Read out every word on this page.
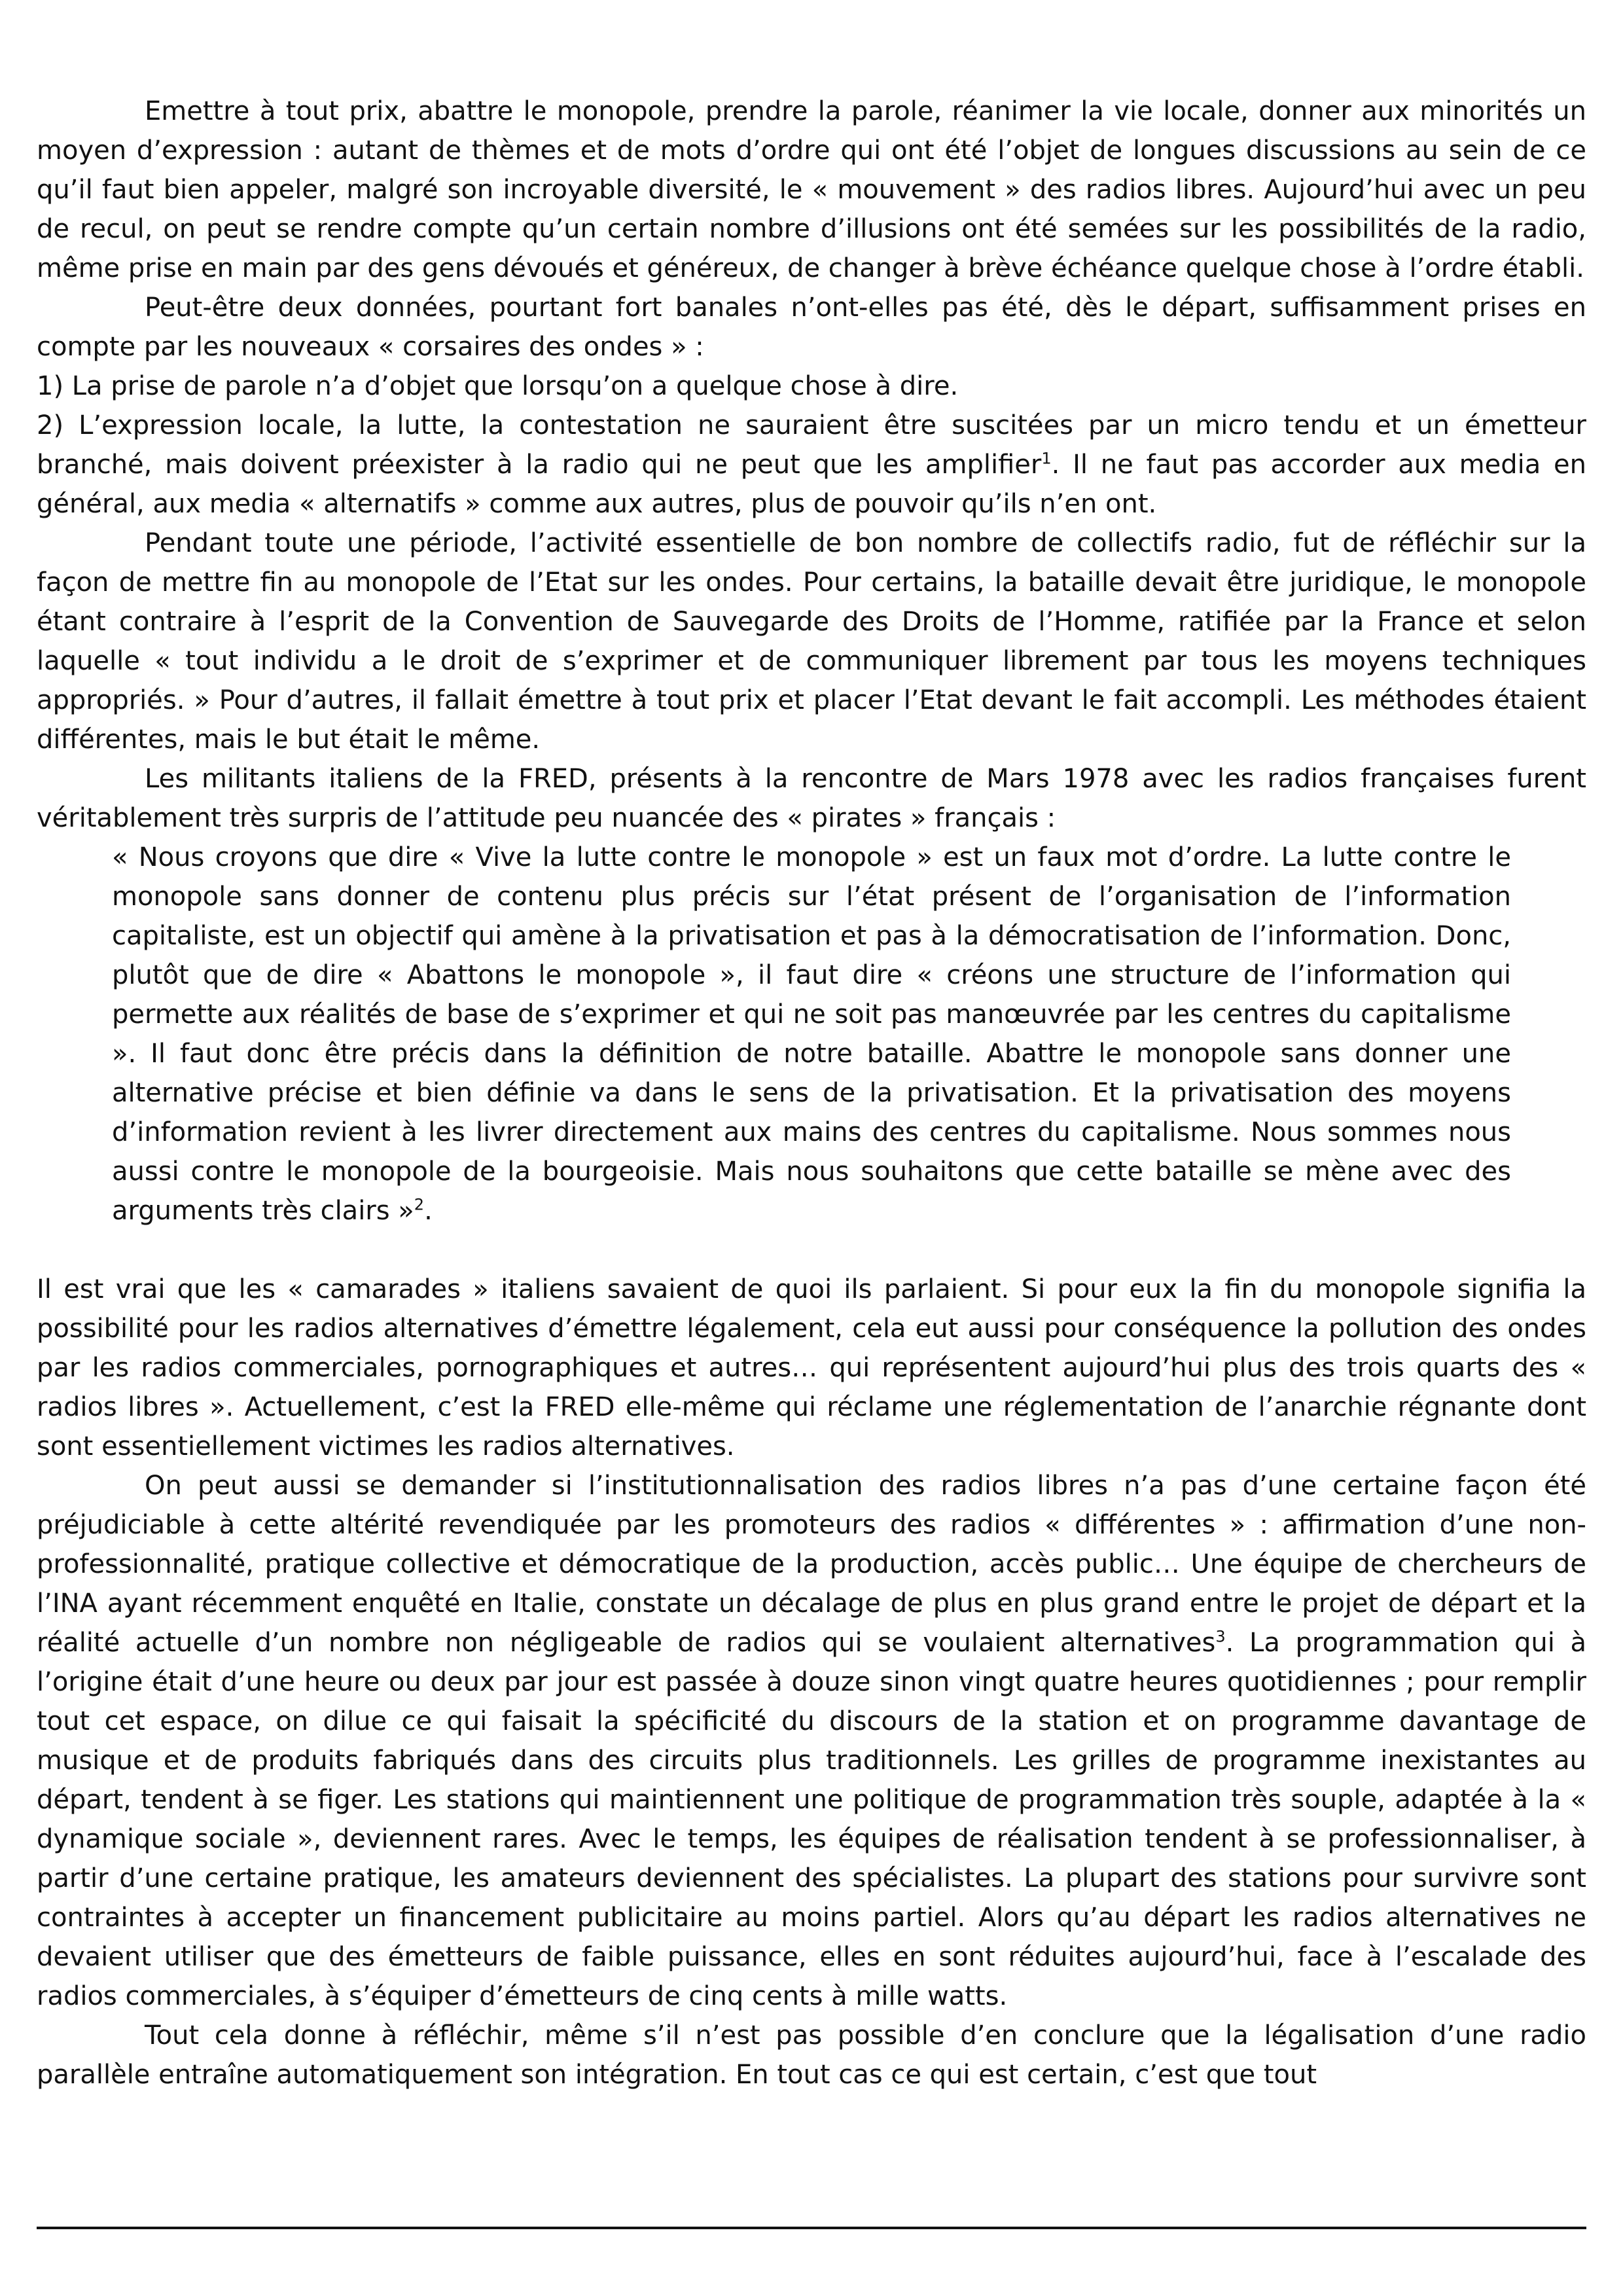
Emettre à tout prix, abattre le monopole, prendre la parole, réanimer la vie locale, donner aux minorités un moyen d’expression : autant de thèmes et de mots d’ordre qui ont été l’objet de longues discussions au sein de ce qu’il faut bien appeler, malgré son incroyable diversité, le « mouvement » des radios libres. Aujourd’hui avec un peu de recul, on peut se rendre compte qu’un certain nombre d’illusions ont été semées sur les possibilités de la radio, même prise en main par des gens dévoués et généreux, de changer à brève échéance quelque chose à l’ordre établi.

Peut-être deux données, pourtant fort banales n’ont-elles pas été, dès le départ, suffisamment prises en compte par les nouveaux « corsaires des ondes » :

1) La prise de parole n’a d’objet que lorsqu’on a quelque chose à dire.

2) L’expression locale, la lutte, la contestation ne sauraient être suscitées par un micro tendu et un émetteur branché, mais doivent préexister à la radio qui ne peut que les amplifier$^1$. Il ne faut pas accorder aux media en général, aux media « alternatifs » comme aux autres, plus de pouvoir qu’ils n’en ont.

Pendant toute une période, l’activité essentielle de bon nombre de collectifs radio, fut de réfléchir sur la façon de mettre fin au monopole de l’Etat sur les ondes. Pour certains, la bataille devait être juridique, le monopole étant contraire à l’esprit de la Convention de Sauvegarde des Droits de l’Homme, ratifiée par la France et selon laquelle « tout individu a le droit de s’exprimer et de communiquer librement par tous les moyens techniques appropriés. » Pour d’autres, il fallait émettre à tout prix et placer l’Etat devant le fait accompli. Les méthodes étaient différentes, mais le but était le même.

Les militants italiens de la FRED, présents à la rencontre de Mars 1978 avec les radios françaises furent véritablement très surpris de l’attitude peu nuancée des « pirates » français :

« Nous croyons que dire « Vive la lutte contre le monopole » est un faux mot d’ordre. La lutte contre le monopole sans donner de contenu plus précis sur l’état présent de l’organisation de l’information capitaliste, est un objectif qui amène à la privatisation et pas à la démocratisation de l’information. Donc, plutôt que de dire « Abattons le monopole », il faut dire « créons une structure de l’information qui permette aux réalités de base de s’exprimer et qui ne soit pas manœuvrée par les centres du capitalisme ». Il faut donc être précis dans la définition de notre bataille. Abattre le monopole sans donner une alternative précise et bien définie va dans le sens de la privatisation. Et la privatisation des moyens d’information revient à les livrer directement aux mains des centres du capitalisme. Nous sommes nous aussi contre le monopole de la bourgeoisie. Mais nous souhaitons que cette bataille se mène avec des arguments très clairs »$^2$.

Il est vrai que les « camarades » italiens savaient de quoi ils parlaient. Si pour eux la fin du monopole signifia la possibilité pour les radios alternatives d’émettre légalement, cela eut aussi pour conséquence la pollution des ondes par les radios commerciales, pornographiques et autres… qui représentent aujourd’hui plus des trois quarts des « radios libres ». Actuellement, c’est la FRED elle-même qui réclame une réglementation de l’anarchie régnante dont sont essentiellement victimes les radios alternatives.

On peut aussi se demander si l’institutionnalisation des radios libres n’a pas d’une certaine façon été préjudiciable à cette altérité revendiquée par les promoteurs des radios « différentes » : affirmation d’une non-professionnalité, pratique collective et démocratique de la production, accès public… Une équipe de chercheurs de l’INA ayant récemment enquêté en Italie, constate un décalage de plus en plus grand entre le projet de départ et la réalité actuelle d’un nombre non négligeable de radios qui se voulaient alternatives$^3$. La programmation qui à l’origine était d’une heure ou deux par jour est passée à douze sinon vingt quatre heures quotidiennes ; pour remplir tout cet espace, on dilue ce qui faisait la spécificité du discours de la station et on programme davantage de musique et de produits fabriqués dans des circuits plus traditionnels. Les grilles de programme inexistantes au départ, tendent à se figer. Les stations qui maintiennent une politique de programmation très souple, adaptée à la « dynamique sociale », deviennent rares. Avec le temps, les équipes de réalisation tendent à se professionnaliser, à partir d’une certaine pratique, les amateurs deviennent des spécialistes. La plupart des stations pour survivre sont contraintes à accepter un financement publicitaire au moins partiel. Alors qu’au départ les radios alternatives ne devaient utiliser que des émetteurs de faible puissance, elles en sont réduites aujourd’hui, face à l’escalade des radios commerciales, à s’équiper d’émetteurs de cinq cents à mille watts.

Tout cela donne à réfléchir, même s’il n’est pas possible d’en conclure que la légalisation d’une radio parallèle entraîne automatiquement son intégration. En tout cas ce qui est certain, c’est que tout
